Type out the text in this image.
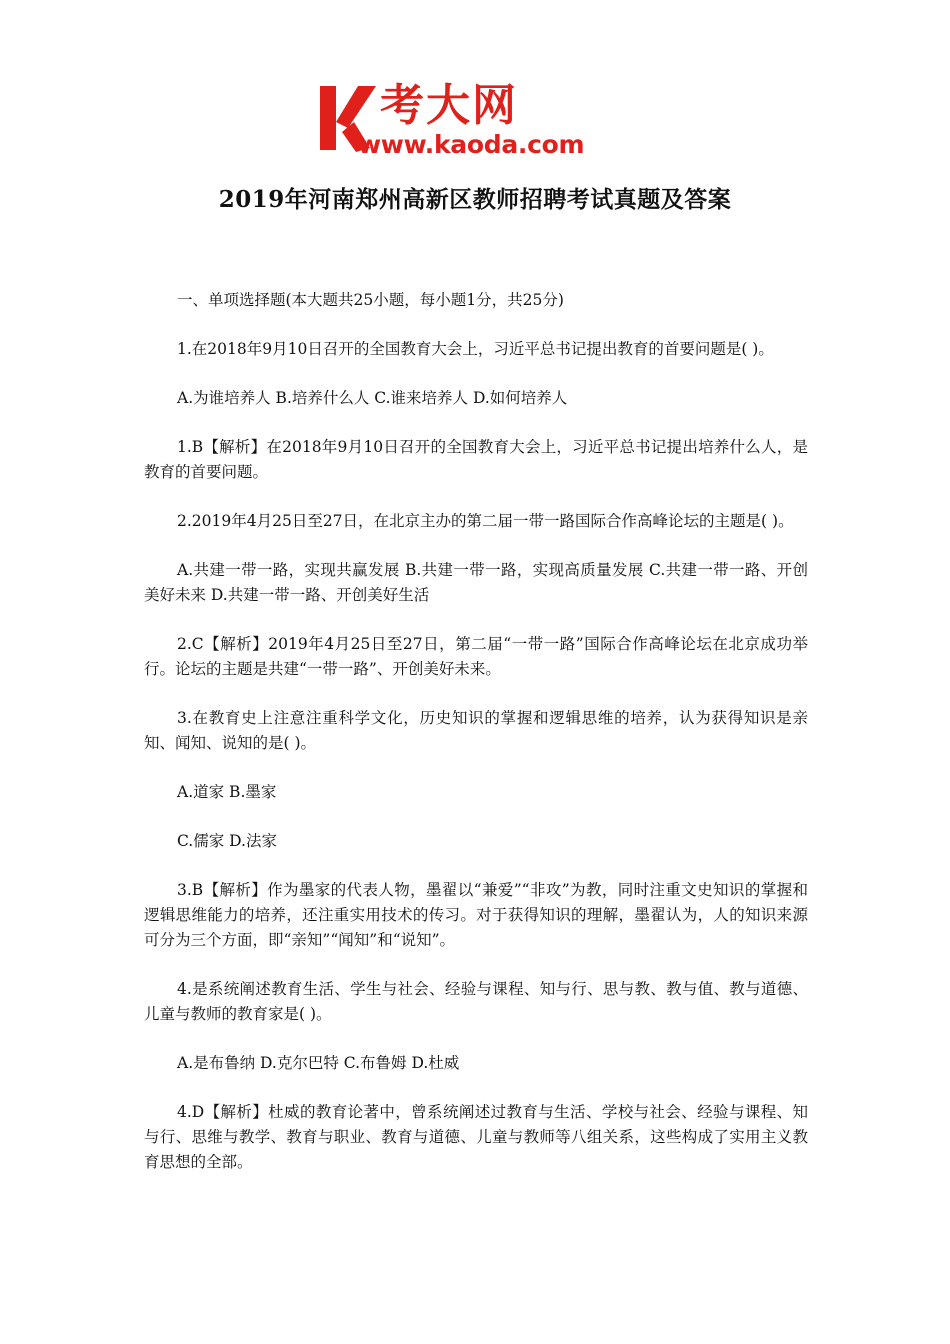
考大网
www.kaoda.com
2019年河南郑州高新区教师招聘考试真题及答案

一、单项选择题(本大题共25小题，每小题1分，共25分)

1.在2018年9月10日召开的全国教育大会上，习近平总书记提出教育的首要问题是( )。

A.为谁培养人 B.培养什么人 C.谁来培养人 D.如何培养人

1.B【解析】在2018年9月10日召开的全国教育大会上，习近平总书记提出培养什么人，是教育的首要问题。

2.2019年4月25日至27日，在北京主办的第二届一带一路国际合作高峰论坛的主题是( )。

A.共建一带一路，实现共赢发展 B.共建一带一路，实现高质量发展 C.共建一带一路、开创美好未来 D.共建一带一路、开创美好生活

2.C【解析】2019年4月25日至27日，第二届“一带一路”国际合作高峰论坛在北京成功举行。论坛的主题是共建“一带一路”、开创美好未来。

3.在教育史上注意注重科学文化，历史知识的掌握和逻辑思维的培养，认为获得知识是亲知、闻知、说知的是( )。

A.道家 B.墨家

C.儒家 D.法家

3.B【解析】作为墨家的代表人物，墨翟以“兼爱”“非攻”为教，同时注重文史知识的掌握和逻辑思维能力的培养，还注重实用技术的传习。对于获得知识的理解，墨翟认为，人的知识来源可分为三个方面，即“亲知”“闻知”和“说知”。

4.是系统阐述教育生活、学生与社会、经验与课程、知与行、思与教、教与值、教与道德、儿童与教师的教育家是( )。

A.是布鲁纳 D.克尔巴特 C.布鲁姆 D.杜威

4.D【解析】杜威的教育论著中，曾系统阐述过教育与生活、学校与社会、经验与课程、知与行、思维与教学、教育与职业、教育与道德、儿童与教师等八组关系，这些构成了实用主义教育思想的全部。
